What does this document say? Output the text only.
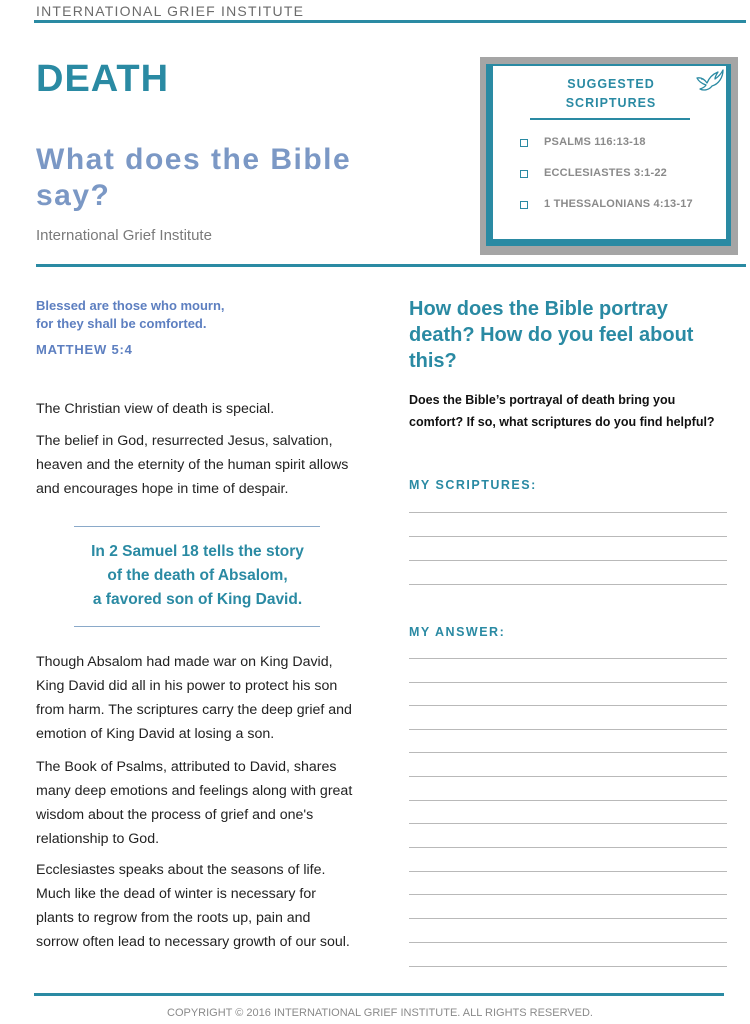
INTERNATIONAL GRIEF INSTITUTE
DEATH
What does the Bible say?
International Grief Institute
SUGGESTED
SCRIPTURES
PSALMS 116:13-18
ECCLESIASTES 3:1-22
1 THESSALONIANS 4:13-17
Blessed are those who mourn,
for they shall be comforted.
MATTHEW 5:4

The Christian view of death is special.

The belief in God, resurrected Jesus, salvation, heaven and the eternity of the human spirit allows and encourages hope in time of despair.

In 2 Samuel 18 tells the story
of the death of Absalom,
a favored son of King David.

Though Absalom had made war on King David, King David did all in his power to protect his son from harm. The scriptures carry the deep grief and emotion of King David at losing a son.

The Book of Psalms, attributed to David, shares many deep emotions and feelings along with great wisdom about the process of grief and one's relationship to God.

Ecclesiastes speaks about the seasons of life. Much like the dead of winter is necessary for plants to regrow from the roots up, pain and sorrow often lead to necessary growth of our soul.

How does the Bible portray death? How do you feel about this?
Does the Bible’s portrayal of death bring you comfort? If so, what scriptures do you find helpful?
MY SCRIPTURES:
MY ANSWER:
COPYRIGHT © 2016 INTERNATIONAL GRIEF INSTITUTE. ALL RIGHTS RESERVED.
